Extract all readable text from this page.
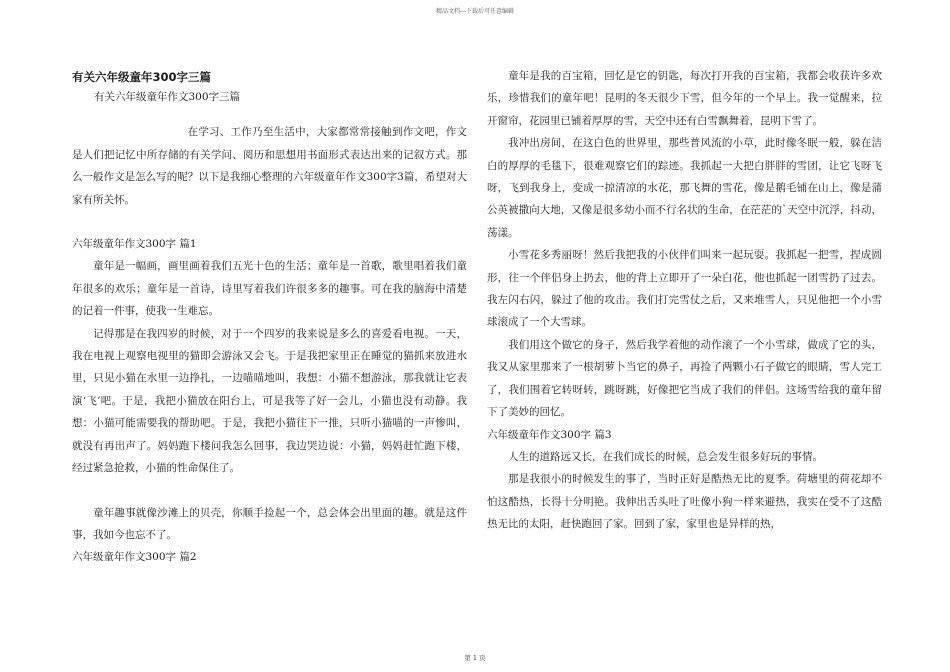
精品文档---下载后可任意编辑

有关六年级童年300字三篇

有关六年级童年作文300字三篇

在学习、工作乃至生活中，大家都常常接触到作文吧，作文是人们把记忆中所存储的有关学问、阅历和思想用书面形式表达出来的记叙方式。那么一般作文是怎么写的呢？以下是我细心整理的六年级童年作文300字3篇，希望对大家有所关怀。

六年级童年作文300字 篇1

童年是一幅画，画里画着我们五光十色的生活；童年是一首歌，歌里唱着我们童年很多的欢乐；童年是一首诗，诗里写着我们许很多多的趣事。可在我的脑海中清楚的记着一件事，使我一生难忘。

记得那是在我四岁的时候，对于一个四岁的我来说是多么的喜爱看电视。一天，我在电视上观察电视里的猫即会游泳又会飞。于是我把家里正在睡觉的猫抓来放进水里，只见小猫在水里一边挣扎，一边喵喵地叫，我想：小猫不想游泳，那我就让它表演‘飞’吧。于是，我把小猫放在阳台上，可是我等了好一会儿，小猫也没有动静。我想：小猫可能需要我的帮助吧。于是，我把小猫往下一推，只听小猫喵的一声惨叫，就没有再出声了。妈妈跑下楼问我怎么回事，我边哭边说：小猫，妈妈赶忙跑下楼，经过紧急抢救，小猫的性命保住了。

童年趣事就像沙滩上的贝壳，你顺手捡起一个，总会体会出里面的趣。就是这件事，我如今也忘不了。

六年级童年作文300字 篇2

童年是我的百宝箱，回忆是它的钥匙，每次打开我的百宝箱，我都会收获许多欢乐，珍惜我们的童年吧！昆明的冬天很少下雪，但今年的一个早上。我一觉醒来，拉开窗帘，花园里已铺着厚厚的雪，天空中还有白雪飘舞着，昆明下雪了。

我冲出房间，在这白色的世界里，那些普风流的小草，此时像冬眠一般，躲在洁白的厚厚的毛毯下，很难观察它们的踪迹。我抓起一大把白胖胖的雪团，让它飞呀飞呀，飞到我身上，变成一掠清凉的水花，那飞舞的雪花，像是鹅毛铺在山上，像是蒲公英被撒向大地，又像是很多幼小而不行名状的生命，在茫茫的`天空中沉浮，抖动，荡漾。

小雪花多秀丽呀！然后我把我的小伙伴们叫来一起玩耍。我抓起一把雪，捏成圆形，往一个伴侣身上扔去，他的背上立即开了一朵白花，他也抓起一团雪扔了过去。我左闪右闪，躲过了他的攻击。我们打完雪仗之后，又来堆雪人，只见他把一个小雪球滚成了一个大雪球。

我们用这个做它的身子，然后我学着他的动作滚了一个小雪球，做成了它的头，我又从家里那来了一根胡萝卜当它的鼻子，再捡了两颗小石子做它的眼睛，雪人完工了，我们围着它转呀转，跳呀跳，好像把它当成了我们的伴侣。这场雪给我的童年留下了美妙的回忆。

六年级童年作文300字 篇3

人生的道路远又长，在我们成长的时候，总会发生很多好玩的事情。

那是我很小的时候发生的事了，当时正好是酷热无比的夏季。荷塘里的荷花却不怕这酷热，长得十分明艳。我伸出舌头吐了吐像小狗一样来避热，我实在受不了这酷热无比的太阳，赶快跑回了家。回到了家，家里也是异样的热，

第 1 页
